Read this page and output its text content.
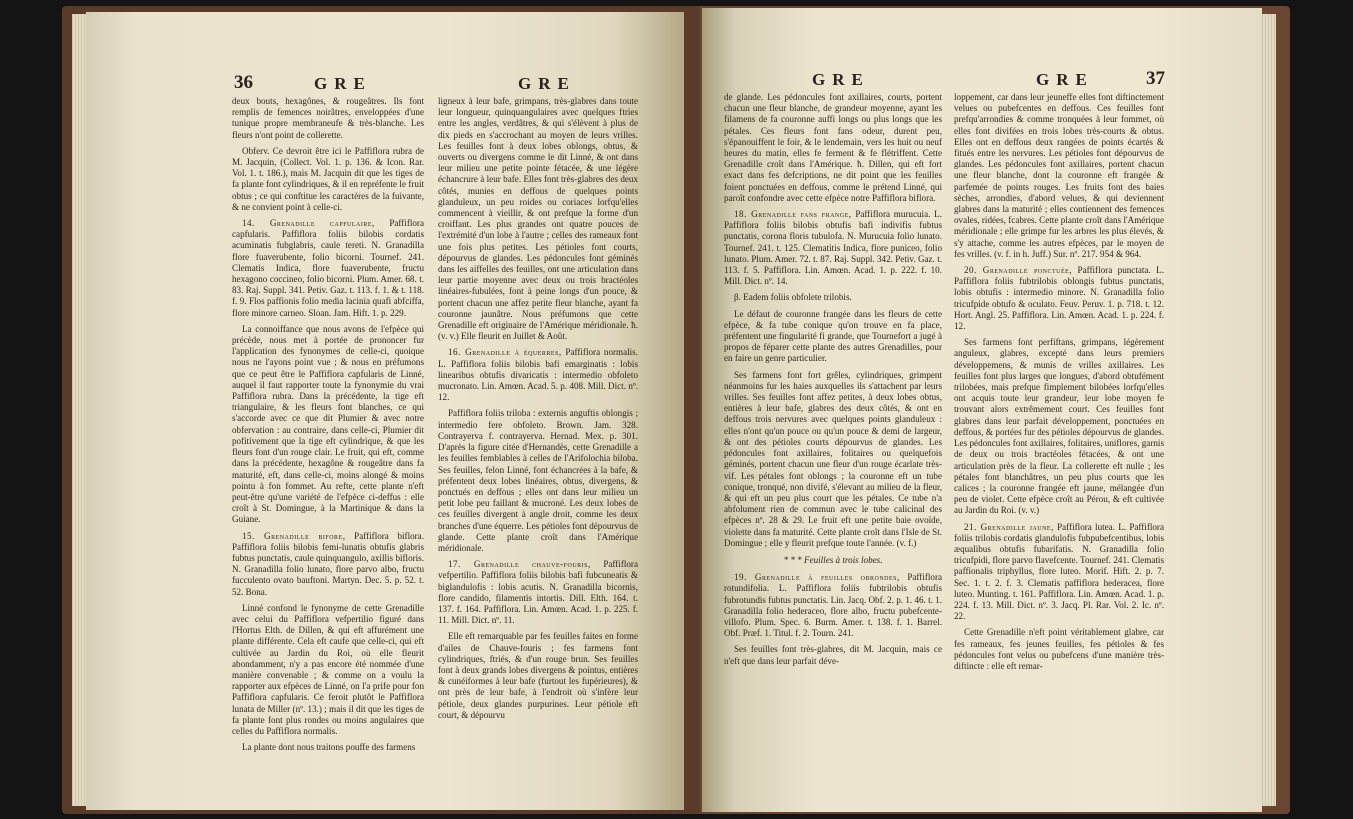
36	GRE	GRE

deux bouts, hexagônes, & rougeâtres. Ils font remplis de femences noirâtres, enveloppées d'une tunique propre membraneufe & très-blanche. Les fleurs n'ont point de collerette.

Obferv. Ce devroit être ici le Paffiflora rubra de M. Jacquin, (Collect. Vol. 1. p. 136. & Icon. Rar. Vol. 1. t. 186.), mais M. Jacquin dit que les tiges de fa plante font cylindriques, & il en repréfente le fruit obtus ; ce qui conftitue les caractères de la fuivante, & ne convient point à celle-ci.

14. Grenadille capfulaire, Paffiflora capfularis. Paffiflora foliis bilobis cordatis acuminatis fubglabris, caule tereti. N. Granadilla flore fuaverubente, folio bicorni. Tournef. 241. Clematis Indica, flore fuaverubente, fructu hexagono coccineo, folio bicorni. Plum. Amer. 68. t. 83. Raj. Suppl. 341. Petiv. Gaz. t. 113. f. 1. & t. 118. f. 9. Flos paffionis folio media lacinia quafi abfciffa, flore minore carneo. Sloan. Jam. Hift. 1. p. 229.

La connoiffance que nous avons de l'efpèce qui précède, nous met à portée de prononcer fur l'application des fynonymes de celle-ci, quoique nous ne l'ayons point vue ; & nous en préfumons que ce peut être le Paffiflora capfularis de Linné, auquel il faut rapporter toute la fynonymie du vrai Paffiflora rubra. Dans la précédente, la tige eft triangulaire, & les fleurs font blanches, ce qui s'accorde avec ce que dit Plumier & avec notre obfervation : au contraire, dans celle-ci, Plumier dit pofitivement que la tige eft cylindrique, & que les fleurs font d'un rouge clair. Le fruit, qui eft, comme dans la précédente, hexagône & rougeâtre dans fa maturité, eft, dans celle-ci, moins alongé & moins pointu à fon fommet. Au refte, cette plante n'eft peut-être qu'une variété de l'efpèce ci-deffus : elle croît à St. Domingue, à la Martinique & dans la Guiane.

15. Grenadille bifore, Paffiflora biflora. Paffiflora foliis bilobis femi-lunatis obtufis glabris fubtus punctatis, caule quinquangulo, axillis bifloris. N. Granadilla folio lunato, flore parvo albo, fructu fucculento ovato bauftoni. Martyn. Dec. 5. p. 52. t. 52. Bona.

Linné confond le fynonyme de cette Grenadille avec celui du Paffiflora vefpertilio figuré dans l'Hortus Elth. de Dillen, & qui eft affurément une plante différente. Cela eft caufe que celle-ci, qui eft cultivée au Jardin du Roi, où elle fleurit abondamment, n'y a pas encore été nommée d'une manière convenable ; & comme on a voulu la rapporter aux efpèces de Linné, on l'a prife pour fon Paffiflora capfularis. Ce feroit plutôt le Paffiflora lunata de Miller (nº. 13.) ; mais il dit que les tiges de fa plante font plus rondes ou moins angulaires que celles du Paffiflora normalis.

La plante dont nous traitons pouffe des farmens

ligneux à leur bafe, grimpans, très-glabres dans toute leur longueur, quinquangulaires avec quelques ftries entre les angles, verdâtres, & qui s'élèvent à plus de dix pieds en s'accrochant au moyen de leurs vrilles. Les feuilles font à deux lobes oblongs, obtus, & ouverts ou divergens comme le dit Linné, & ont dans leur milieu une petite pointe fétacée, & une légère échancrure à leur bafe. Elles font très-glabres des deux côtés, munies en deffous de quelques points glanduleux, un peu roides ou coriaces lorfqu'elles commencent à vieillir, & ont prefque la forme d'un croiffant. Les plus grandes ont quatre pouces de l'extrémité d'un lobe à l'autre ; celles des rameaux font une fois plus petites. Les pétioles font courts, dépourvus de glandes. Les pédoncules font géminés dans les aiffelles des feuilles, ont une articulation dans leur partie moyenne avec deux ou trois bractéoles linéaires-fubulées, font à peine longs d'un pouce, & portent chacun une affez petite fleur blanche, ayant fa couronne jaunâtre. Nous préfumons que cette Grenadille eft originaire de l'Amérique méridionale. ħ. (v. v.) Elle fleurit en Juillet & Août.

16. Grenadille à équerres, Paffiflora normalis. L. Paffiflora foliis bilobis bafi emarginatis : lobis linearibus obtufis divaricatis : intermedio obfoleto mucronato. Lin. Amœn. Acad. 5. p. 408. Mill. Dict. nº. 12.

Paffiflora foliis triloba : externis anguftis oblongis ; intermedio fere obfoleto. Brown. Jam. 328. Contrayerva f. contrayerva. Hernad. Mex. p. 301. D'après la figure citée d'Hernandès, cette Grenadille a les feuilles femblables à celles de l'Arifolochia biloba. Ses feuilles, felon Linné, font échancrées à la bafe, & préfentent deux lobes linéaires, obtus, divergens, & ponctués en deffous ; elles ont dans leur milieu un petit lobe peu faillant & mucroné. Les deux lobes de ces feuilles divergent à angle droit, comme les deux branches d'une équerre. Les pétioles font dépourvus de glande. Cette plante croît dans l'Amérique méridionale.

17. Grenadille chauve-fouris, Paffiflora vefpertilio. Paffiflora foliis bilobis bafi fubcuneatis & biglandulofis : lobis acutis. N. Granadilla bicornis, flore candido, filamentis intortis. Dill. Elth. 164. t. 137. f. 164. Paffiflora. Lin. Amœn. Acad. 1. p. 225. f. 11. Mill. Dict. nº. 11.

Elle eft remarquable par fes feuilles faites en forme d'ailes de Chauve-fouris ; fes farmens font cylindriques, ftriés, & d'un rouge brun. Ses feuilles font à deux grands lobes divergens & pointus, entières & cunéiformes à leur bafe (furtout les fupérieures), & ont près de leur bafe, à l'endroit où s'infère leur pétiole, deux glandes purpurines. Leur pétiole eft court, & dépourvu

GRE	GRE	37

de glande. Les pédoncules font axillaires, courts, portent chacun une fleur blanche, de grandeur moyenne, ayant les filamens de fa couronne auffi longs ou plus longs que les pétales. Ces fleurs font fans odeur, durent peu, s'épanouiffent le foir, & le lendemain, vers les huit ou neuf heures du matin, elles fe ferment & fe flétriffent. Cette Grenadille croît dans l'Amérique. ħ. Dillen, qui eft fort exact dans fes defcriptions, ne dit point que les feuilles foient ponctuées en deffous, comme le prétend Linné, qui paroît confondre avec cette efpèce notre Paffiflora biflora.

18. Grenadille fans frange, Paffiflora murucuia. L. Paffiflora foliis bilobis obtufis bafi indivifis fubtus punctatis, corona floris tubulofa. N. Murucuia folio lunato. Tournef. 241. t. 125. Clematitis Indica, flore puniceo, folio lunato. Plum. Amer. 72. t. 87. Raj. Suppl. 342. Petiv. Gaz. t. 113. f. 5. Paffiflora. Lin. Amœn. Acad. 1. p. 222. f. 10. Mill. Dict. nº. 14.

β. Eadem foliis obfolete trilobis.

Le défaut de couronne frangée dans les fleurs de cette efpèce, & fa tube conique qu'on trouve en fa place, préfentent une fingularité fi grande, que Tournefort a jugé à propos de féparer cette plante des autres Grenadilles, pour en faire un genre particulier.

Ses farmens font fort grêles, cylindriques, grimpent néanmoins fur les haies auxquelles ils s'attachent par leurs vrilles. Ses feuilles font affez petites, à deux lobes obtus, entières à leur bafe, glabres des deux côtés, & ont en deffous trois nervures avec quelques points glanduleux : elles n'ont qu'un pouce ou qu'un pouce & demi de largeur, & ont des pétioles courts dépourvus de glandes. Les pédoncules font axillaires, folitaires ou quelquefois géminés, portent chacun une fleur d'un rouge écarlate très-vif. Les pétales font oblongs ; la couronne eft un tube conique, tronqué, non divifé, s'élevant au milieu de la fleur, & qui eft un peu plus court que les pétales. Ce tube n'a abfolument rien de commun avec le tube calicinal des efpèces nº. 28 & 29. Le fruit eft une petite baie ovoïde, violette dans fa maturité. Cette plante croît dans l'Isle de St. Domingue ; elle y fleurit prefque toute l'année. (v. f.)

* * * Feuilles à trois lobes.

19. Grenadille à feuilles obrondes, Paffiflora rotundifolia. L. Paffiflora foliis fubtrilobis obtufis fubrotundis fubtus punctatis. Lin. Jacq. Obf. 2. p. 1. 46. t. 1. Granadilla folio hederaceo, flore albo, fructu pubefcente-villofo. Plum. Spec. 6. Burm. Amer. t. 138. f. 1. Barrel. Obf. Præf. 1. Titul. f. 2. Tourn. 241.

Ses feuilles font très-glabres, dit M. Jacquin, mais ce n'eft que dans leur parfait déve-

loppement, car dans leur jeuneffe elles font diftinctement velues ou pubefcentes en deffous. Ces feuilles font prefqu'arrondies & comme tronquées à leur fommet, où elles font divifées en trois lobes très-courts & obtus. Elles ont en deffous deux rangées de points écartés & fitués entre les nervures. Les pétioles font dépourvus de glandes. Les pédoncules font axillaires, portent chacun une fleur blanche, dont la couronne eft frangée & parfemée de points rouges. Les fruits font des baies sèches, arrondies, d'abord velues, & qui deviennent glabres dans la maturité ; elles contiennent des femences ovales, ridées, fcabres. Cette plante croît dans l'Amérique méridionale ; elle grimpe fur les arbres les plus élevés, & s'y attache, comme les autres efpèces, par le moyen de fes vrilles. (v. f. in h. Juff.) Sur. nº. 217. 954 & 964.

20. Grenadille ponctuée, Paffiflora punctata. L. Paffiflora foliis fubtrilobis oblongis fubtus punctatis, lobis obtufis : intermedio minore. N. Granadilla folio tricufpide obtufo & oculato. Feuv. Peruv. 1. p. 718. t. 12. Hort. Angl. 25. Paffiflora. Lin. Amœn. Acad. 1. p. 224. f. 12.

Ses farmens font perfiftans, grimpans, légèrement anguleux, glabres, excepté dans leurs premiers développemens, & munis de vrilles axillaires. Les feuilles font plus larges que longues, d'abord obtufément trilobées, mais prefque fimplement bilobées lorfqu'elles ont acquis toute leur grandeur, leur lobe moyen fe trouvant alors extrêmement court. Ces feuilles font glabres dans leur parfait développement, ponctuées en deffous, & portées fur des pétioles dépourvus de glandes. Les pédoncules font axillaires, folitaires, uniflores, garnis de deux ou trois bractéoles fétacées, & ont une articulation près de la fleur. La collerette eft nulle ; les pétales font blanchâtres, un peu plus courts que les calices ; la couronne frangée eft jaune, mélangée d'un peu de violet. Cette efpèce croît au Pérou, & eft cultivée au Jardin du Roi. (v. v.)

21. Grenadille jaune, Paffiflora lutea. L. Paffiflora foliis trilobis cordatis glandulofis fubpubefcentibus, lobis æqualibus obtufis fubarifatis. N. Granadilla folio tricufpidi, flore parvo flavefcente. Tournef. 241. Clematis paffionalis triphyllus, flore luteo. Morif. Hift. 2. p. 7. Sec. 1. t. 2. f. 3. Clematis paffiflora hederacea, flore luteo. Munting. t. 161. Paffiflora. Lin. Amœn. Acad. 1. p. 224. f. 13. Mill. Dict. nº. 3. Jacq. Pl. Rar. Vol. 2. Ic. nº. 22.

Cette Grenadille n'eft point véritablement glabre, car fes rameaux, fes jeunes feuilles, fes pétioles & fes pédoncules font velus ou pubefcens d'une manière très-diftincte : elle eft remar-
